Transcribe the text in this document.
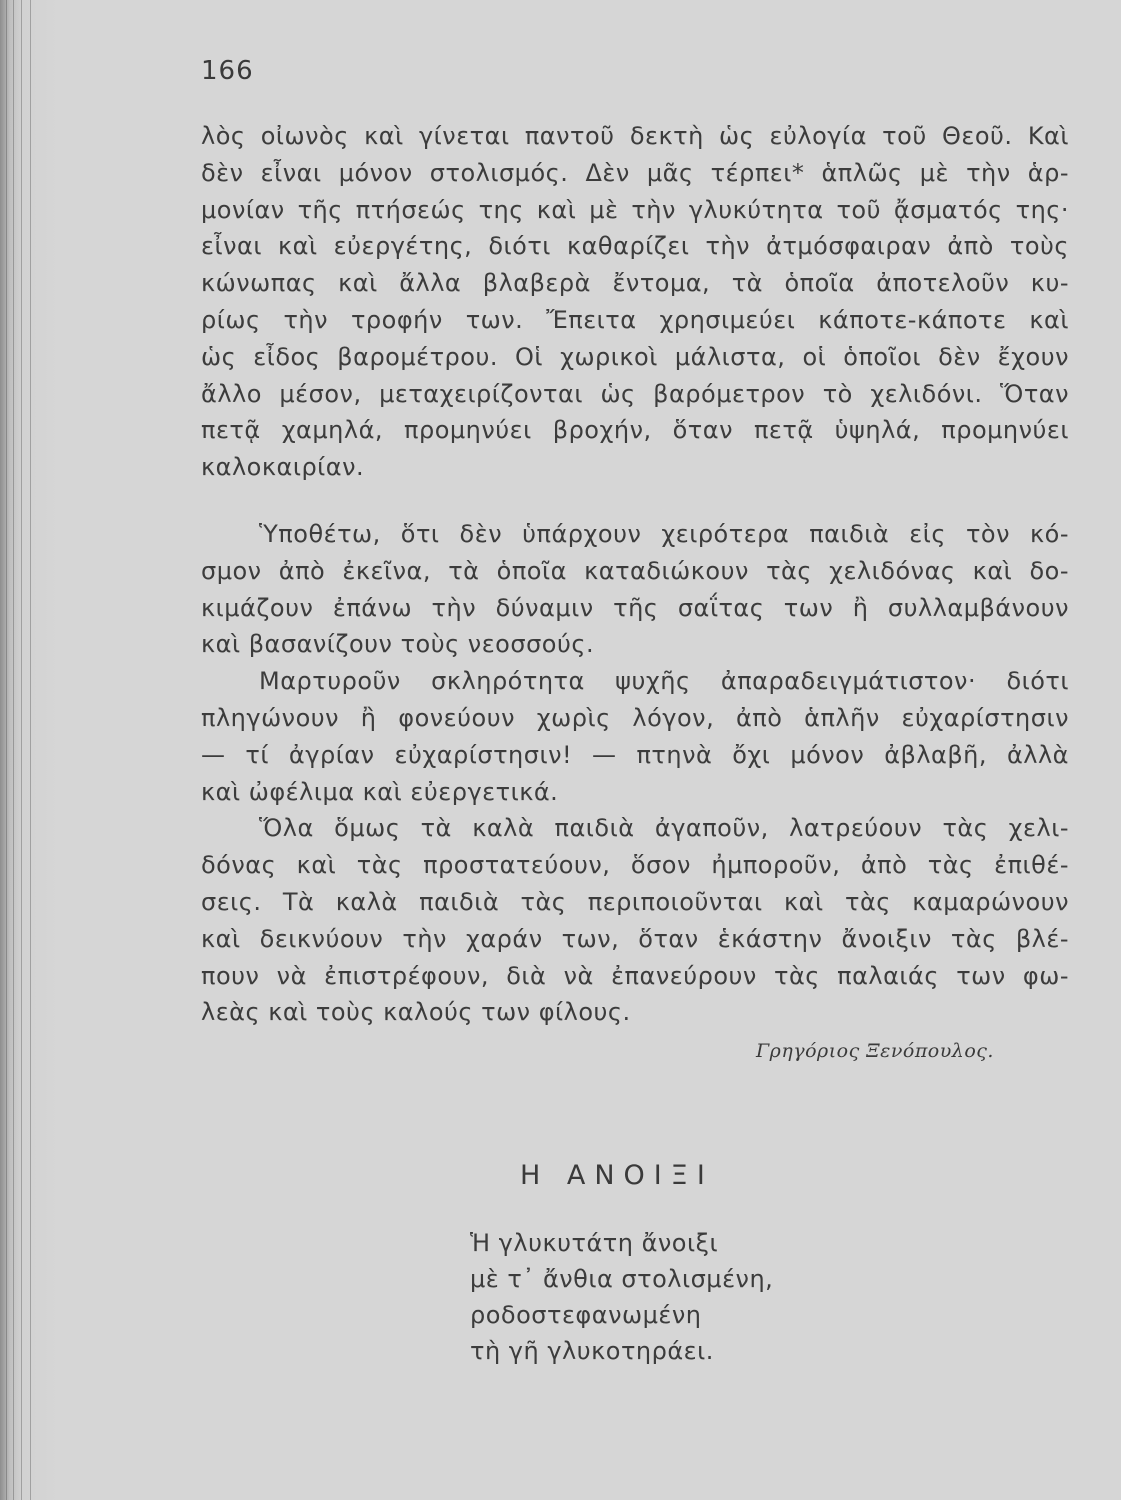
166
λὸς οἰωνὸς καὶ γίνεται παντοῦ δεκτὴ ὡς εὐλογία τοῦ Θεοῦ. Καὶ
δὲν εἶναι μόνον στολισμός. Δὲν μᾶς τέρπει* ἁπλῶς μὲ τὴν ἁρ-
μονίαν τῆς πτήσεώς της καὶ μὲ τὴν γλυκύτητα τοῦ ᾄσματός της·
εἶναι καὶ εὐεργέτης, διότι καθαρίζει τὴν ἀτμόσφαιραν ἀπὸ τοὺς
κώνωπας καὶ ἄλλα βλαβερὰ ἔντομα, τὰ ὁποῖα ἀποτελοῦν κυ-
ρίως τὴν τροφήν των. Ἔπειτα χρησιμεύει κάποτε-κάποτε καὶ
ὡς εἶδος βαρομέτρου. Οἱ χωρικοὶ μάλιστα, οἱ ὁποῖοι δὲν ἔχουν
ἄλλο μέσον, μεταχειρίζονται ὡς βαρόμετρον τὸ χελιδόνι. Ὅταν
πετᾷ χαμηλά, προμηνύει βροχήν, ὅταν πετᾷ ὑψηλά, προμηνύει
καλοκαιρίαν.
Ὑποθέτω, ὅτι δὲν ὑπάρχουν χειρότερα παιδιὰ εἰς τὸν κό-
σμον ἀπὸ ἐκεῖνα, τὰ ὁποῖα καταδιώκουν τὰς χελιδόνας καὶ δο-
κιμάζουν ἐπάνω τὴν δύναμιν τῆς σαΐτας των ἢ συλλαμβάνουν
καὶ βασανίζουν τοὺς νεοσσούς.
Μαρτυροῦν σκληρότητα ψυχῆς ἀπαραδειγμάτιστον· διότι
πληγώνουν ἢ φονεύουν χωρὶς λόγον, ἀπὸ ἁπλῆν εὐχαρίστησιν
— τί ἀγρίαν εὐχαρίστησιν! — πτηνὰ ὄχι μόνον ἀβλαβῆ, ἀλλὰ
καὶ ὠφέλιμα καὶ εὐεργετικά.
Ὅλα ὅμως τὰ καλὰ παιδιὰ ἀγαποῦν, λατρεύουν τὰς χελι-
δόνας καὶ τὰς προστατεύουν, ὅσον ἠμποροῦν, ἀπὸ τὰς ἐπιθέ-
σεις. Τὰ καλὰ παιδιὰ τὰς περιποιοῦνται καὶ τὰς καμαρώνουν
καὶ δεικνύουν τὴν χαράν των, ὅταν ἑκάστην ἄνοιξιν τὰς βλέ-
πουν νὰ ἐπιστρέφουν, διὰ νὰ ἐπανεύρουν τὰς παλαιάς των φω-
λεὰς καὶ τοὺς καλούς των φίλους.
Γρηγόριος Ξενόπουλος.
Η ΑΝΟΙΞΙ
Ἡ γλυκυτάτη ἄνοιξι
μὲ τ᾽ ἄνθια στολισμένη,
ροδοστεφανωμένη
τὴ γῆ γλυκοτηράει.
